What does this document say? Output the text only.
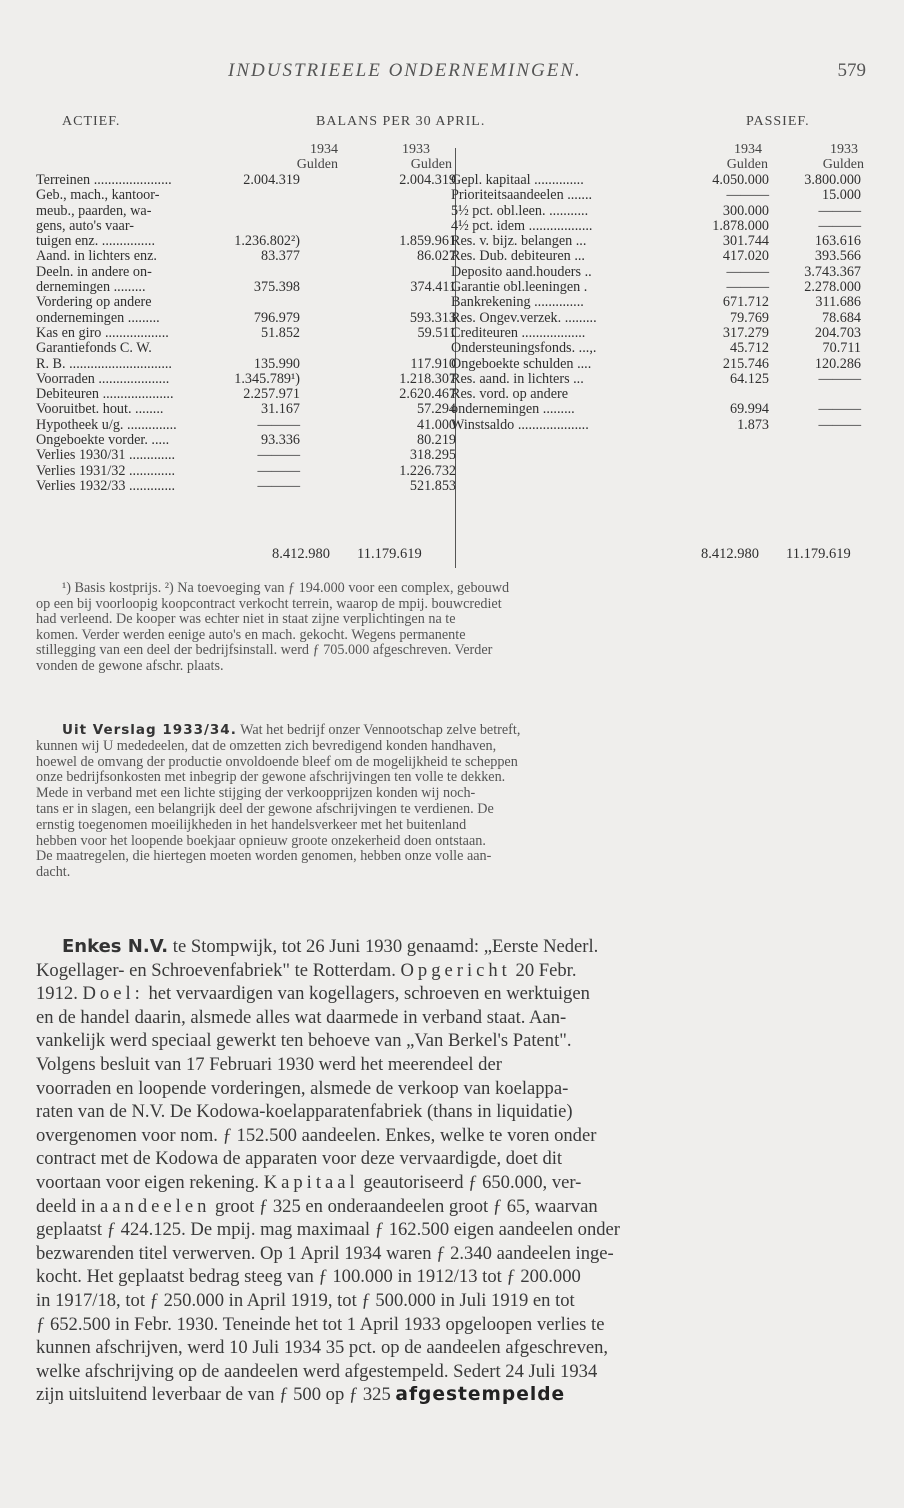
INDUSTRIEELE ONDERNEMINGEN.	579
ACTIEF.	BALANS PER 30 APRIL.	PASSIEF.
1934
Gulden
1933
Gulden
1934
Gulden
1933
Gulden
Terreinen ......................	2.004.319	2.004.319
Geb., mach., kantoor-
meub., paarden, wa-
gens, auto's vaar-
tuigen enz. ...............	1.236.802²)	1.859.961
Aand. in lichters enz.	83.377	86.027
Deeln. in andere on-
dernemingen .........	375.398	374.411
Vordering op andere
ondernemingen .........	796.979	593.313
Kas en giro ..................	51.852	59.511
Garantiefonds C. W.
R. B. .............................	135.990	117.910
Voorraden ....................	1.345.789¹)	1.218.307
Debiteuren ....................	2.257.971	2.620.467
Vooruitbet. hout. ........	31.167	57.294
Hypotheek u/g. ..............	———	41.000
Ongeboekte vorder. .....	93.336	80.219
Verlies 1930/31 .............	———	318.295
Verlies 1931/32 .............	———	1.226.732
Verlies 1932/33 .............	———	521.853
Gepl. kapitaal ..............	4.050.000 3.800.000
Prioriteitsaandeelen .......	———	15.000
5½ pct. obl.leen. ...........	300.000	———
4½ pct. idem ..................	1.878.000	———
Res. v. bijz. belangen ...	301.744	163.616
Res. Dub. debiteuren ...	417.020	393.566
Deposito aand.houders ..	——— 3.743.367
Garantie obl.leeningen .	——— 2.278.000
Bankrekening ..............	671.712	311.686
Res. Ongev.verzek. .........	79.769	78.684
Crediteuren ..................	317.279	204.703
Ondersteuningsfonds. ...,.	45.712	70.711
Ongeboekte schulden ....	215.746	120.286
Res. aand. in lichters ...	64.125	———
Res. vord. op andere
ondernemingen .........	69.994	———
Winstsaldo ....................	1.873	———
8.412.980 11.179.619	8.412.980 11.179.619
¹) Basis kostprijs. ²) Na toevoeging van ƒ 194.000 voor een complex, gebouwd
op een bij voorloopig koopcontract verkocht terrein, waarop de mpij. bouwcrediet
had verleend. De kooper was echter niet in staat zijne verplichtingen na te
komen. Verder werden eenige auto's en mach. gekocht. Wegens permanente
stillegging van een deel der bedrijfsinstall. werd ƒ 705.000 afgeschreven. Verder
vonden de gewone afschr. plaats.
Uit Verslag 1933/34. Wat het bedrijf onzer Vennootschap zelve betreft,
kunnen wij U mededeelen, dat de omzetten zich bevredigend konden handhaven,
hoewel de omvang der productie onvoldoende bleef om de mogelijkheid te scheppen
onze bedrijfsonkosten met inbegrip der gewone afschrijvingen ten volle te dekken.
Mede in verband met een lichte stijging der verkoopprijzen konden wij noch-
tans er in slagen, een belangrijk deel der gewone afschrijvingen te verdienen. De
ernstig toegenomen moeilijkheden in het handelsverkeer met het buitenland
hebben voor het loopende boekjaar opnieuw groote onzekerheid doen ontstaan.
De maatregelen, die hiertegen moeten worden genomen, hebben onze volle aan-
dacht.
Enkes N.V. te Stompwijk, tot 26 Juni 1930 genaamd: „Eerste Nederl.
Kogellager- en Schroevenfabriek" te Rotterdam. Opgericht 20 Febr.
1912. Doel: het vervaardigen van kogellagers, schroeven en werktuigen
en de handel daarin, alsmede alles wat daarmede in verband staat. Aan-
vankelijk werd speciaal gewerkt ten behoeve van „Van Berkel's Patent".
Volgens besluit van 17 Februari 1930 werd het meerendeel der
voorraden en loopende vorderingen, alsmede de verkoop van koelappa-
raten van de N.V. De Kodowa-koelapparatenfabriek (thans in liquidatie)
overgenomen voor nom. ƒ 152.500 aandeelen. Enkes, welke te voren onder
contract met de Kodowa de apparaten voor deze vervaardigde, doet dit
voortaan voor eigen rekening. Kapitaal geautoriseerd ƒ 650.000, ver-
deeld in aandeelen groot ƒ 325 en onderaandeelen groot ƒ 65, waarvan
geplaatst ƒ 424.125. De mpij. mag maximaal ƒ 162.500 eigen aandeelen onder
bezwarenden titel verwerven. Op 1 April 1934 waren ƒ 2.340 aandeelen inge-
kocht. Het geplaatst bedrag steeg van ƒ 100.000 in 1912/13 tot ƒ 200.000
in 1917/18, tot ƒ 250.000 in April 1919, tot ƒ 500.000 in Juli 1919 en tot
ƒ 652.500 in Febr. 1930. Teneinde het tot 1 April 1933 opgeloopen verlies te
kunnen afschrijven, werd 10 Juli 1934 35 pct. op de aandeelen afgeschreven,
welke afschrijving op de aandeelen werd afgestempeld. Sedert 24 Juli 1934
zijn uitsluitend leverbaar de van ƒ 500 op ƒ 325 afgestempelde
